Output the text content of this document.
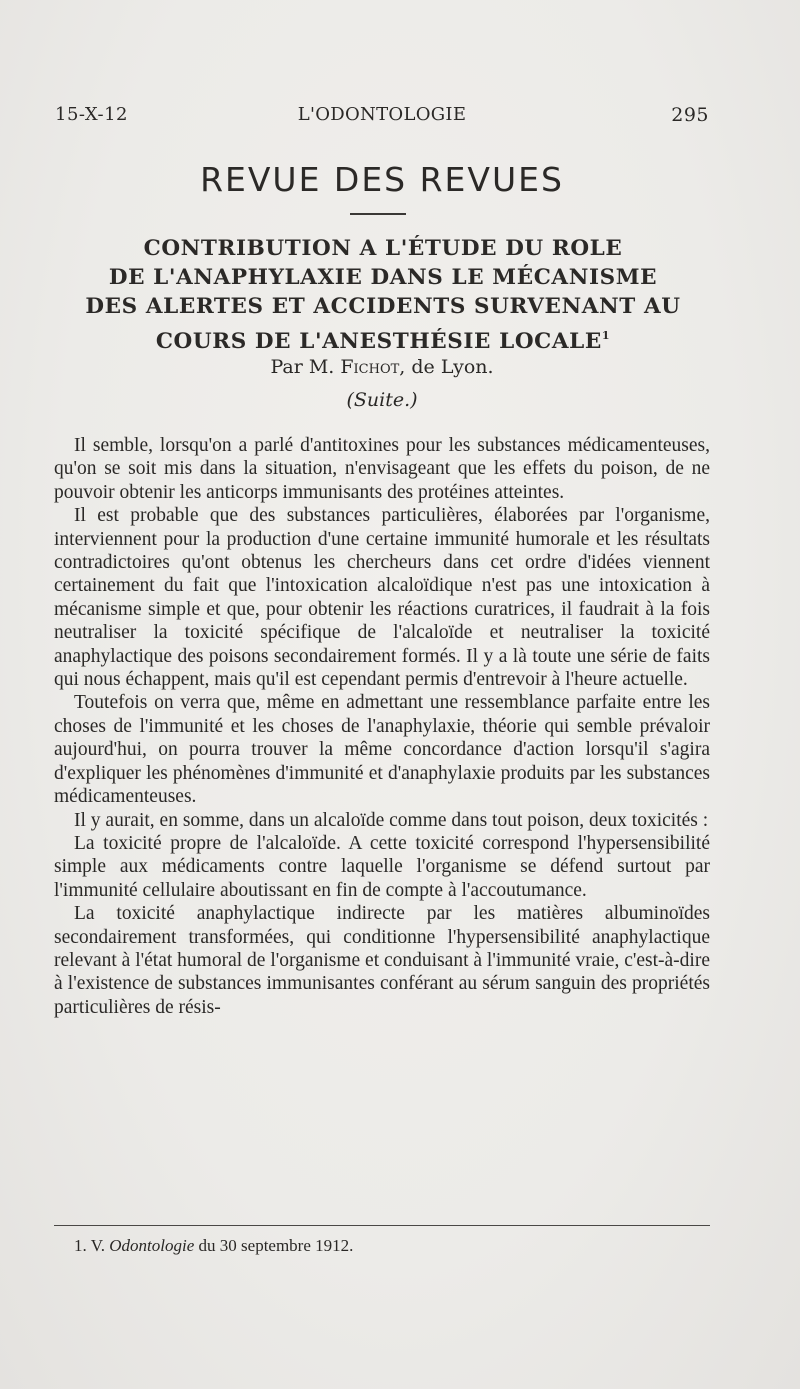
15-X-12	L'ODONTOLOGIE	295
REVUE DES REVUES
CONTRIBUTION A L'ÉTUDE DU ROLE
DE L'ANAPHYLAXIE DANS LE MÉCANISME
DES ALERTES ET ACCIDENTS SURVENANT AU
COURS DE L'ANESTHÉSIE LOCALE$^1$
Par M. Fichot, de Lyon.
(Suite.)

Il semble, lorsqu'on a parlé d'antitoxines pour les substances médicamenteuses, qu'on se soit mis dans la situation, n'envisageant que les effets du poison, de ne pouvoir obtenir les anticorps immunisants des protéines atteintes.

Il est probable que des substances particulières, élaborées par l'organisme, interviennent pour la production d'une certaine immunité humorale et les résultats contradictoires qu'ont obtenus les chercheurs dans cet ordre d'idées viennent certainement du fait que l'intoxication alcaloïdique n'est pas une intoxication à mécanisme simple et que, pour obtenir les réactions curatrices, il faudrait à la fois neutraliser la toxicité spécifique de l'alcaloïde et neutraliser la toxicité anaphylactique des poisons secondairement formés. Il y a là toute une série de faits qui nous échappent, mais qu'il est cependant permis d'entrevoir à l'heure actuelle.

Toutefois on verra que, même en admettant une ressemblance parfaite entre les choses de l'immunité et les choses de l'anaphylaxie, théorie qui semble prévaloir aujourd'hui, on pourra trouver la même concordance d'action lorsqu'il s'agira d'expliquer les phénomènes d'immunité et d'anaphylaxie produits par les substances médicamenteuses.

Il y aurait, en somme, dans un alcaloïde comme dans tout poison, deux toxicités :

La toxicité propre de l'alcaloïde. A cette toxicité correspond l'hypersensibilité simple aux médicaments contre laquelle l'organisme se défend surtout par l'immunité cellulaire aboutissant en fin de compte à l'accoutumance.

La toxicité anaphylactique indirecte par les matières albuminoïdes secondairement transformées, qui conditionne l'hypersensibilité anaphylactique relevant à l'état humoral de l'organisme et conduisant à l'immunité vraie, c'est-à-dire à l'existence de substances immunisantes conférant au sérum sanguin des propriétés particulières de résis-

1. V. Odontologie du 30 septembre 1912.
